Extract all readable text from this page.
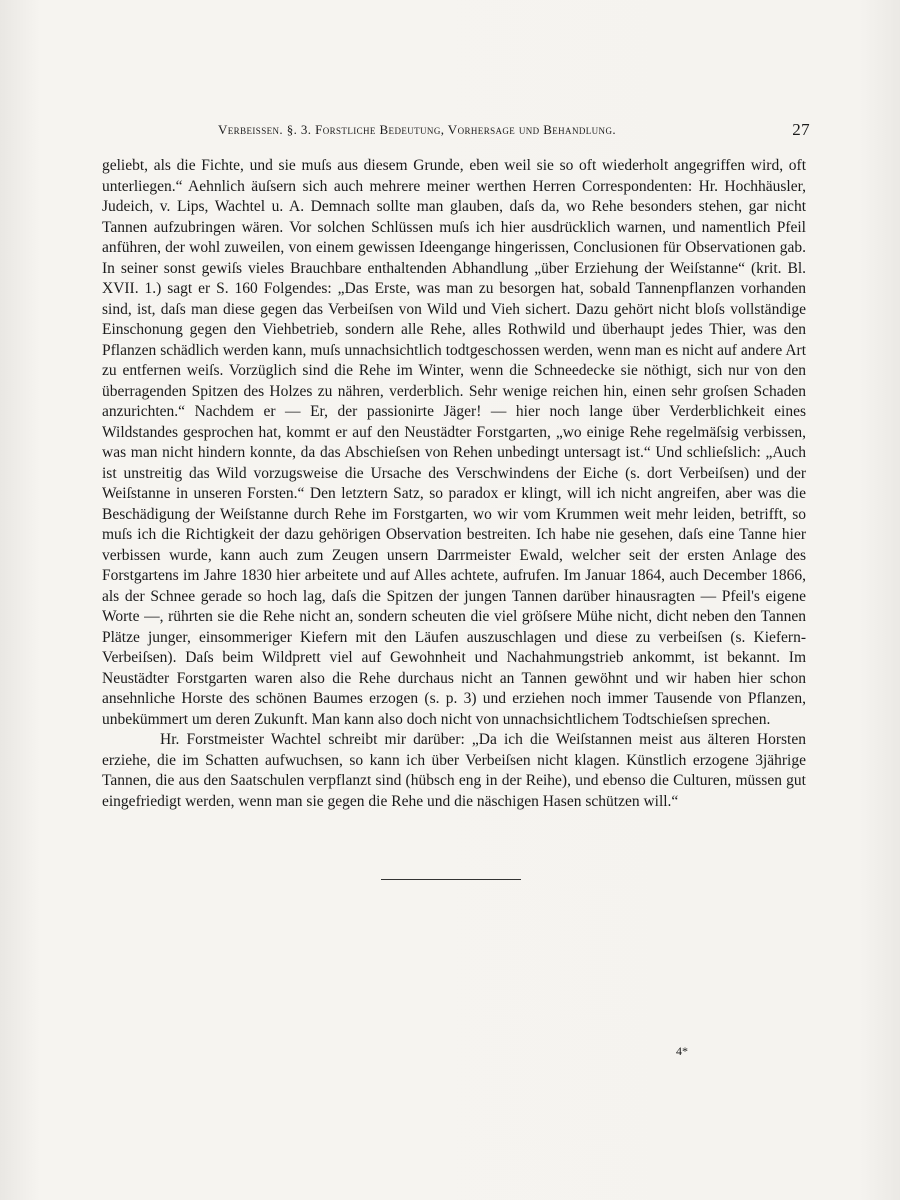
Verbeissen. §. 3. Forstliche Bedeutung, Vorhersage und Behandlung.	27

geliebt, als die Fichte, und sie muſs aus diesem Grunde, eben weil sie so oft wiederholt angegriffen wird, oft unterliegen.“ Aehnlich äuſsern sich auch mehrere meiner werthen Herren Correspondenten: Hr. Hochhäusler, Judeich, v. Lips, Wachtel u. A. Demnach sollte man glauben, daſs da, wo Rehe besonders stehen, gar nicht Tannen aufzubringen wären. Vor solchen Schlüssen muſs ich hier ausdrücklich warnen, und namentlich Pfeil anführen, der wohl zuweilen, von einem gewissen Ideengange hingerissen, Conclusionen für Observationen gab. In seiner sonst gewiſs vieles Brauchbare enthaltenden Abhandlung „über Erziehung der Weiſstanne“ (krit. Bl. XVII. 1.) sagt er S. 160 Folgendes: „Das Erste, was man zu besorgen hat, sobald Tannenpflanzen vorhanden sind, ist, daſs man diese gegen das Verbeiſsen von Wild und Vieh sichert. Dazu gehört nicht bloſs vollständige Einschonung gegen den Viehbetrieb, sondern alle Rehe, alles Rothwild und überhaupt jedes Thier, was den Pflanzen schädlich werden kann, muſs unnachsichtlich todtgeschossen werden, wenn man es nicht auf andere Art zu entfernen weiſs. Vorzüglich sind die Rehe im Winter, wenn die Schneedecke sie nöthigt, sich nur von den überragenden Spitzen des Holzes zu nähren, verderblich. Sehr wenige reichen hin, einen sehr groſsen Schaden anzurichten.“ Nachdem er — Er, der passionirte Jäger! — hier noch lange über Verderblichkeit eines Wildstandes gesprochen hat, kommt er auf den Neustädter Forstgarten, „wo einige Rehe regelmäſsig verbissen, was man nicht hindern konnte, da das Abschieſsen von Rehen unbedingt untersagt ist.“ Und schlieſslich: „Auch ist unstreitig das Wild vorzugsweise die Ursache des Verschwindens der Eiche (s. dort Verbeiſsen) und der Weiſstanne in unseren Forsten.“ Den letztern Satz, so paradox er klingt, will ich nicht angreifen, aber was die Beschädigung der Weiſstanne durch Rehe im Forstgarten, wo wir vom Krummen weit mehr leiden, betrifft, so muſs ich die Richtigkeit der dazu gehörigen Observation bestreiten. Ich habe nie gesehen, daſs eine Tanne hier verbissen wurde, kann auch zum Zeugen unsern Darrmeister Ewald, welcher seit der ersten Anlage des Forstgartens im Jahre 1830 hier arbeitete und auf Alles achtete, aufrufen. Im Januar 1864, auch December 1866, als der Schnee gerade so hoch lag, daſs die Spitzen der jungen Tannen darüber hinausragten — Pfeil's eigene Worte —, rührten sie die Rehe nicht an, sondern scheuten die viel gröſsere Mühe nicht, dicht neben den Tannen Plätze junger, einsommeriger Kiefern mit den Läufen auszuschlagen und diese zu verbeiſsen (s. Kiefern-Verbeiſsen). Daſs beim Wildprett viel auf Gewohnheit und Nachahmungstrieb ankommt, ist bekannt. Im Neustädter Forstgarten waren also die Rehe durchaus nicht an Tannen gewöhnt und wir haben hier schon ansehnliche Horste des schönen Baumes erzogen (s. p. 3) und erziehen noch immer Tausende von Pflanzen, unbekümmert um deren Zukunft. Man kann also doch nicht von unnachsichtlichem Todtschieſsen sprechen.

Hr. Forstmeister Wachtel schreibt mir darüber: „Da ich die Weiſstannen meist aus älteren Horsten erziehe, die im Schatten aufwuchsen, so kann ich über Verbeiſsen nicht klagen. Künstlich erzogene 3jährige Tannen, die aus den Saatschulen verpflanzt sind (hübsch eng in der Reihe), und ebenso die Culturen, müssen gut eingefriedigt werden, wenn man sie gegen die Rehe und die näschigen Hasen schützen will.“

4*
